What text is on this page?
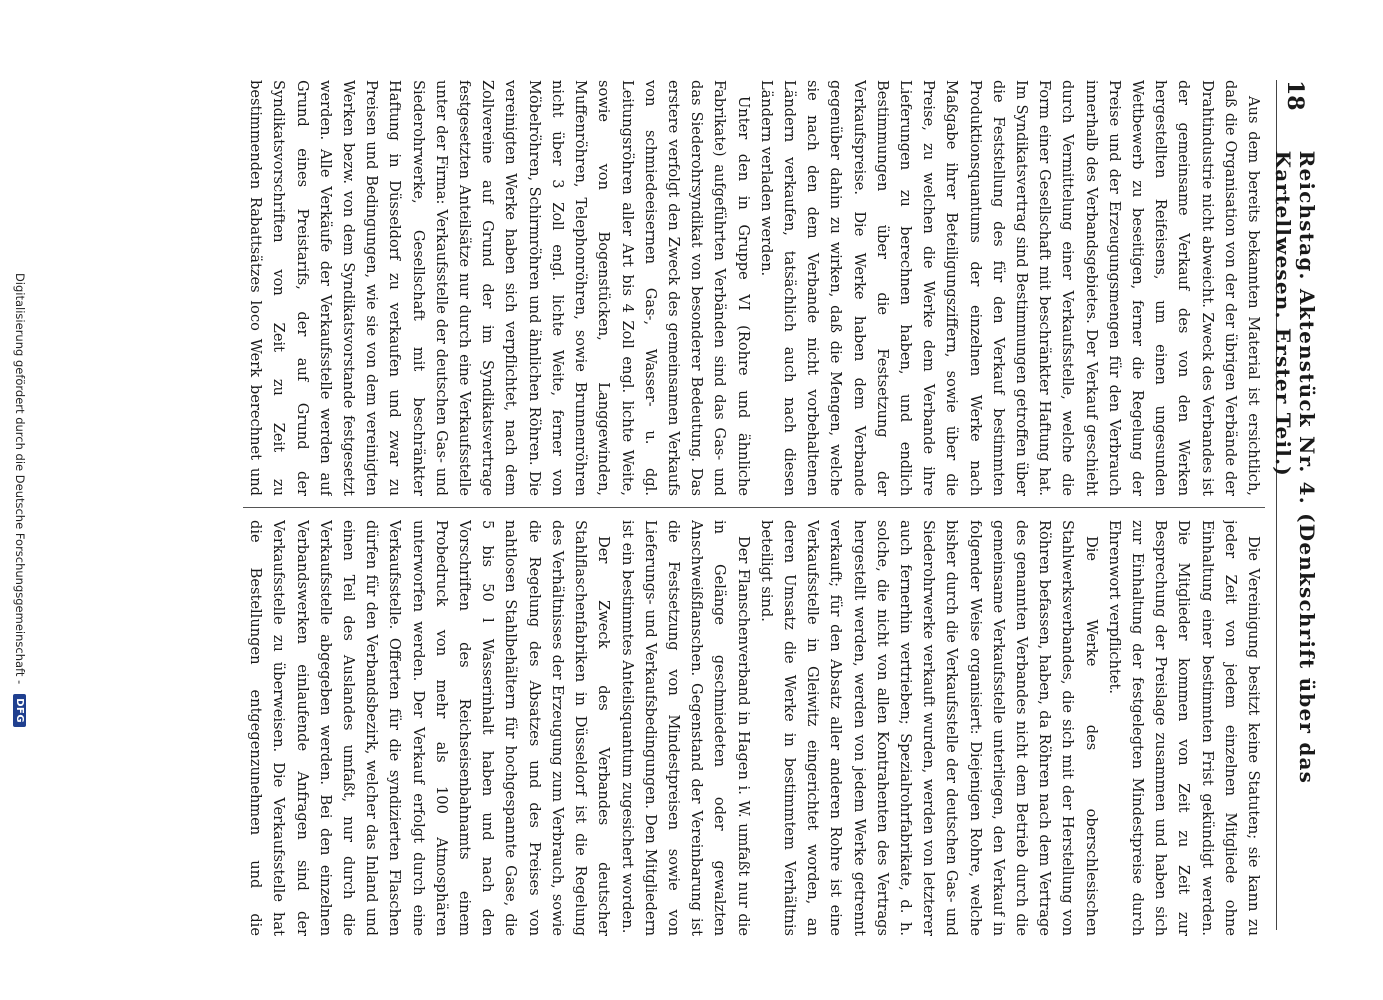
18
Reichstag. Aktenstück Nr. 4. (Denkschrift über das Kartellwesen. Erster Teil.)

Aus dem bereits bekannten Material ist ersichtlich, daß die Organisation von der der übrigen Verbände der Drahtindustrie nicht abweicht. Zweck des Verbandes ist der gemeinsame Verkauf des von den Werken hergestellten Reifeisens, um einen ungesunden Wettbewerb zu beseitigen, ferner die Regelung der Preise und der Erzeugungsmengen für den Verbrauch innerhalb des Verbandsgebietes. Der Verkauf geschieht durch Vermittelung einer Verkaufsstelle, welche die Form einer Gesellschaft mit beschränkter Haftung hat. Im Syndikatsvertrag sind Bestimmungen getroffen über die Feststellung des für den Verkauf bestimmten Produktionsquantums der einzelnen Werke nach Maßgabe ihrer Beteiligungsziffern, sowie über die Preise, zu welchen die Werke dem Verbande ihre Lieferungen zu berechnen haben, und endlich Bestimmungen über die Festsetzung der Verkaufspreise. Die Werke haben dem Verbande gegenüber dahin zu wirken, daß die Mengen, welche sie nach den dem Verbande nicht vorbehaltenen Ländern verkaufen, tatsächlich auch nach diesen Ländern verladen werden.

Unter den in Gruppe VI (Rohre und ähnliche Fabrikate) aufgeführten Verbänden sind das Gas- und das Siederohrsyndikat von besonderer Bedeutung. Das erstere verfolgt den Zweck des gemeinsamen Verkaufs von schmiedeeisernen Gas-, Wasser- u. dgl. Leitungsröhren aller Art bis 4 Zoll engl. lichte Weite, sowie von Bogenstücken, Langgewinden, Muffenröhren, Telephonröhren, sowie Brunnenröhren nicht über 3 Zoll engl. lichte Weite, ferner von Möbelröhren, Schirmröhren und ähnlichen Röhren. Die vereinigten Werke haben sich verpflichtet, nach dem Zollvereine auf Grund der im Syndikatsvertrage festgesetzten Anteilsätze nur durch eine Verkaufsstelle unter der Firma: Verkaufsstelle der deutschen Gas- und Siederohrwerke, Gesellschaft mit beschränkter Haftung in Düsseldorf zu verkaufen und zwar zu Preisen und Bedingungen, wie sie von dem vereinigten Werken bezw. von dem Syndikatsvorstande festgesetzt werden. Alle Verkäufe der Verkaufsstelle werden auf Grund eines Preistarifs, der auf Grund der Syndikatsvorschriften von Zeit zu Zeit zu bestimmenden Rabattsätzes loco Werk berechnet und

Die Vereinigung besitzt keine Statuten; sie kann zu jeder Zeit von jedem einzelnen Mitgliede ohne Einhaltung einer bestimmten Frist gekündigt werden. Die Mitglieder kommen von Zeit zu Zeit zur Besprechung der Preislage zusammen und haben sich zur Einhaltung der festgelegten Mindestpreise durch Ehrenwort verpflichtet.

Die Werke des oberschlesischen Stahlwerksverbandes, die sich mit der Herstellung von Röhren befassen, haben, da Röhren nach dem Vertrage des genannten Verbandes nicht dem Betrieb durch die gemeinsame Verkaufsstelle unterliegen, den Verkauf in folgender Weise organisiert: Diejenigen Rohre, welche bisher durch die Verkaufsstelle der deutschen Gas- und Siederohrwerke verkauft wurden, werden von letzterer auch fernerhin vertrieben; Spezialrohrfabrikate, d. h. solche, die nicht von allen Kontrahenten des Vertrags hergestellt werden, werden von jedem Werke getrennt verkauft; für den Absatz aller anderen Rohre ist eine Verkaufsstelle in Gleiwitz eingerichtet worden, an deren Umsatz die Werke in bestimmtem Verhältnis beteiligt sind.

Der Flanschenverband in Hagen i. W. umfaßt nur die in Gelänge geschmiedeten oder gewalzten Anschweißflanschen. Gegenstand der Vereinbarung ist die Festsetzung von Mindestpreisen sowie von Lieferungs- und Verkaufsbedingungen. Den Mitgliedern ist ein bestimmtes Anteilsquantum zugesichert worden.

Der Zweck des Verbandes deutscher Stahlflaschenfabriken in Düsseldorf ist die Regelung des Verhältnisses der Erzeugung zum Verbrauch, sowie die Regelung des Absatzes und des Preises von nahtlosen Stahlbehältern für hochgespannte Gase, die 5 bis 50 l Wasserinhalt haben und nach den Vorschriften des Reichseisenbahnamts einem Probedruck von mehr als 100 Atmosphären unterworfen werden. Der Verkauf erfolgt durch eine Verkaufsstelle. Offerten für die syndizierten Flaschen dürfen für den Verbandsbezirk, welcher das Inland und einen Teil des Auslandes umfaßt, nur durch die Verkaufsstelle abgegeben werden. Bei den einzelnen Verbandswerken einlaufende Anfragen sind der Verkaufsstelle zu überweisen. Die Verkaufsstelle hat die Bestellungen entgegenzunehmen und die

Digitalisierung gefördert durch die Deutsche Forschungsgemeinschaft -
DFG
